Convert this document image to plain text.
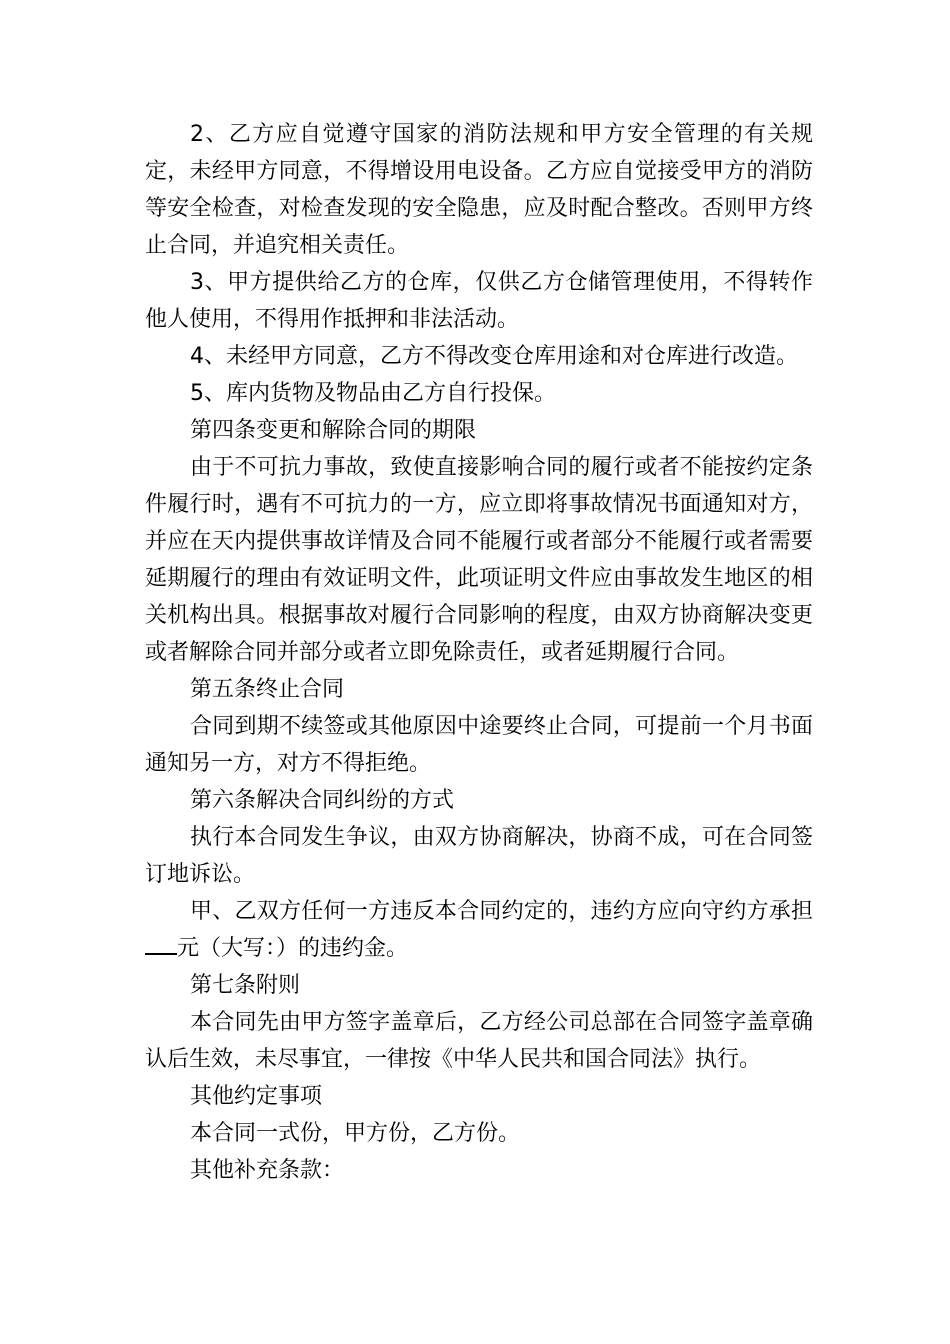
2、乙方应自觉遵守国家的消防法规和甲方安全管理的有关规定，未经甲方同意，不得增设用电设备。乙方应自觉接受甲方的消防等安全检查，对检查发现的安全隐患，应及时配合整改。否则甲方终止合同，并追究相关责任。

3、甲方提供给乙方的仓库，仅供乙方仓储管理使用，不得转作他人使用，不得用作抵押和非法活动。

4、未经甲方同意，乙方不得改变仓库用途和对仓库进行改造。

5、库内货物及物品由乙方自行投保。

第四条变更和解除合同的期限

由于不可抗力事故，致使直接影响合同的履行或者不能按约定条件履行时，遇有不可抗力的一方，应立即将事故情况书面通知对方，并应在天内提供事故详情及合同不能履行或者部分不能履行或者需要延期履行的理由有效证明文件，此项证明文件应由事故发生地区的相关机构出具。根据事故对履行合同影响的程度，由双方协商解决变更或者解除合同并部分或者立即免除责任，或者延期履行合同。

第五条终止合同

合同到期不续签或其他原因中途要终止合同，可提前一个月书面通知另一方，对方不得拒绝。

第六条解决合同纠纷的方式

执行本合同发生争议，由双方协商解决，协商不成，可在合同签订地诉讼。

甲、乙双方任何一方违反本合同约定的，违约方应向守约方承担元（大写：）的违约金。

第七条附则

本合同先由甲方签字盖章后，乙方经公司总部在合同签字盖章确认后生效，未尽事宜，一律按《中华人民共和国合同法》执行。

其他约定事项

本合同一式份，甲方份，乙方份。

其他补充条款：
